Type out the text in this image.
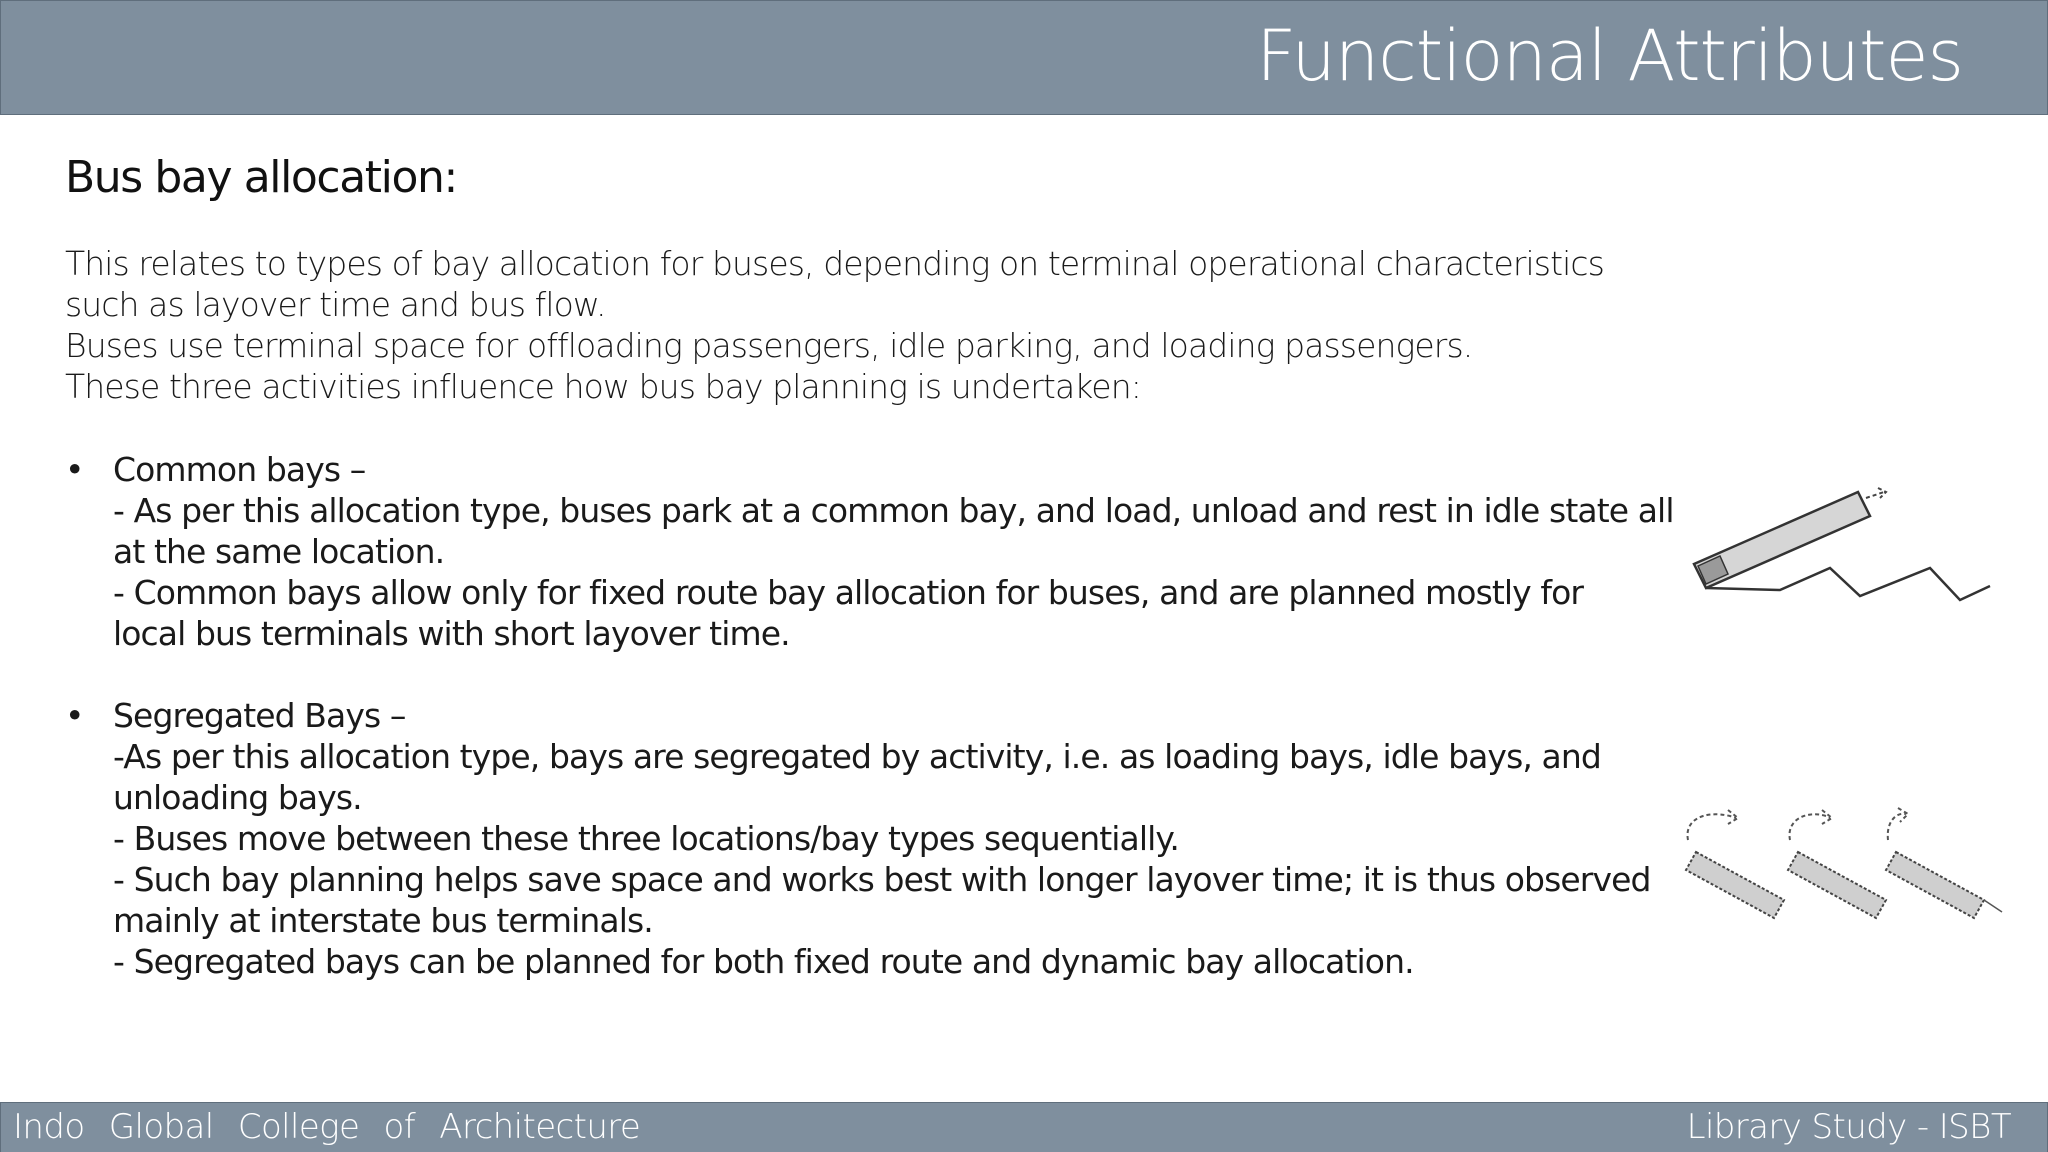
Functional Attributes
Bus bay allocation:

This relates to types of bay allocation for buses, depending on terminal operational characteristics

such as layover time and bus flow.

Buses use terminal space for offloading passengers, idle parking, and loading passengers.

These three activities influence how bus bay planning is undertaken:

• Common bays –
- As per this allocation type, buses park at a common bay, and load, unload and rest in idle state all
at the same location.
- Common bays allow only for fixed route bay allocation for buses, and are planned mostly for
local bus terminals with short layover time.
• Segregated Bays –
-As per this allocation type, bays are segregated by activity, i.e. as loading bays, idle bays, and
unloading bays.
- Buses move between these three locations/bay types sequentially.
- Such bay planning helps save space and works best with longer layover time; it is thus observed
mainly at interstate bus terminals.
- Segregated bays can be planned for both fixed route and dynamic bay allocation.
Indo Global College of Architecture	Library Study - ISBT
